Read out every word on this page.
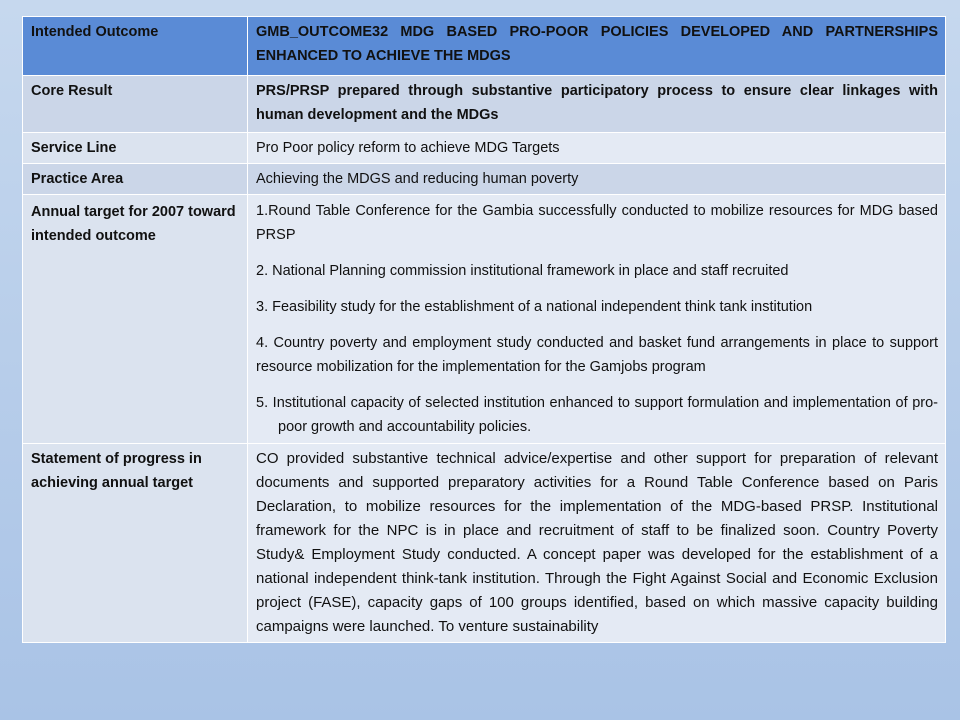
Intended Outcome	GMB_OUTCOME32 MDG BASED PRO-POOR POLICIES DEVELOPED AND PARTNERSHIPS ENHANCED TO ACHIEVE THE MDGS
Core Result	PRS/PRSP prepared through substantive participatory process to ensure clear linkages with human development and the MDGs
Service Line	Pro Poor policy reform to achieve MDG Targets
Practice Area	Achieving the MDGS and reducing human poverty
Annual target for 2007 toward intended outcome	1.Round Table Conference for the Gambia successfully conducted to mobilize resources for MDG based PRSP
2. National Planning commission institutional framework in place and staff recruited
3. Feasibility study for the establishment of a national independent think tank institution
4. Country poverty and employment study conducted and basket fund arrangements in place to support resource mobilization for the implementation for the Gamjobs program
5. Institutional capacity of selected institution enhanced to support formulation and implementation of pro-poor growth and accountability policies.

Statement of progress in achieving annual target	CO provided substantive technical advice/expertise and other support for preparation of relevant documents and supported preparatory activities for a Round Table Conference based on Paris Declaration, to mobilize resources for the implementation of the MDG-based PRSP. Institutional framework for the NPC is in place and recruitment of staff to be finalized soon. Country Poverty Study& Employment Study conducted. A concept paper was developed for the establishment of a national independent think-tank institution. Through the Fight Against Social and Economic Exclusion project (FASE), capacity gaps of 100 groups identified, based on which massive capacity building campaigns were launched. To venture sustainability
